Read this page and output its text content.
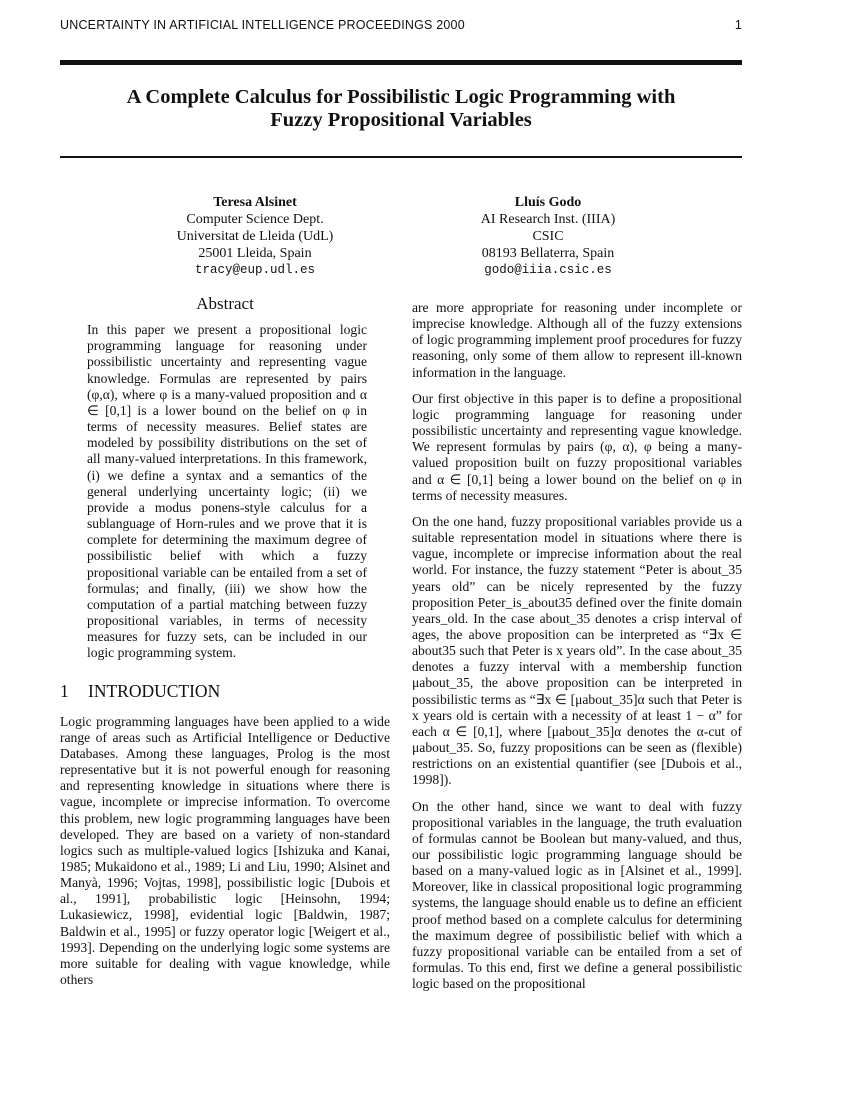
UNCERTAINTY IN ARTIFICIAL INTELLIGENCE PROCEEDINGS 2000	1
A Complete Calculus for Possibilistic Logic Programming with
Fuzzy Propositional Variables
Teresa Alsinet
Computer Science Dept.
Universitat de Lleida (UdL)
25001 Lleida, Spain
tracy@eup.udl.es
Lluís Godo
AI Research Inst. (IIIA)
CSIC
08193 Bellaterra, Spain
godo@iiia.csic.es
Abstract

In this paper we present a propositional logic programming language for reasoning under possibilistic uncertainty and representing vague knowledge. Formulas are represented by pairs (φ,α), where φ is a many-valued proposition and α ∈ [0,1] is a lower bound on the belief on φ in terms of necessity measures. Belief states are modeled by possibility distributions on the set of all many-valued interpretations. In this framework, (i) we define a syntax and a semantics of the general underlying uncertainty logic; (ii) we provide a modus ponens-style calculus for a sublanguage of Horn-rules and we prove that it is complete for determining the maximum degree of possibilistic belief with which a fuzzy propositional variable can be entailed from a set of formulas; and finally, (iii) we show how the computation of a partial matching between fuzzy propositional variables, in terms of necessity measures for fuzzy sets, can be included in our logic programming system.

1 INTRODUCTION

Logic programming languages have been applied to a wide range of areas such as Artificial Intelligence or Deductive Databases. Among these languages, Prolog is the most representative but it is not powerful enough for reasoning and representing knowledge in situations where there is vague, incomplete or imprecise information. To overcome this problem, new logic programming languages have been developed. They are based on a variety of non-standard logics such as multiple-valued logics [Ishizuka and Kanai, 1985; Mukaidono et al., 1989; Li and Liu, 1990; Alsinet and Manyà, 1996; Vojtas, 1998], possibilistic logic [Dubois et al., 1991], probabilistic logic [Heinsohn, 1994; Lukasiewicz, 1998], evidential logic [Baldwin, 1987; Baldwin et al., 1995] or fuzzy operator logic [Weigert et al., 1993]. Depending on the underlying logic some systems are more suitable for dealing with vague knowledge, while others

are more appropriate for reasoning under incomplete or imprecise knowledge. Although all of the fuzzy extensions of logic programming implement proof procedures for fuzzy reasoning, only some of them allow to represent ill-known information in the language.

Our first objective in this paper is to define a propositional logic programming language for reasoning under possibilistic uncertainty and representing vague knowledge. We represent formulas by pairs (φ, α), φ being a many-valued proposition built on fuzzy propositional variables and α ∈ [0,1] being a lower bound on the belief on φ in terms of necessity measures.

On the one hand, fuzzy propositional variables provide us a suitable representation model in situations where there is vague, incomplete or imprecise information about the real world. For instance, the fuzzy statement “Peter is about_35 years old” can be nicely represented by the fuzzy proposition Peter_is_about35 defined over the finite domain years_old. In the case about_35 denotes a crisp interval of ages, the above proposition can be interpreted as “∃x ∈ about35 such that Peter is x years old”. In the case about_35 denotes a fuzzy interval with a membership function μabout_35, the above proposition can be interpreted in possibilistic terms as “∃x ∈ [μabout_35]α such that Peter is x years old is certain with a necessity of at least 1 − α” for each α ∈ [0,1], where [μabout_35]α denotes the α-cut of μabout_35. So, fuzzy propositions can be seen as (flexible) restrictions on an existential quantifier (see [Dubois et al., 1998]).

On the other hand, since we want to deal with fuzzy propositional variables in the language, the truth evaluation of formulas cannot be Boolean but many-valued, and thus, our possibilistic logic programming language should be based on a many-valued logic as in [Alsinet et al., 1999]. Moreover, like in classical propositional logic programming systems, the language should enable us to define an efficient proof method based on a complete calculus for determining the maximum degree of possibilistic belief with which a fuzzy propositional variable can be entailed from a set of formulas. To this end, first we define a general possibilistic logic based on the propositional
